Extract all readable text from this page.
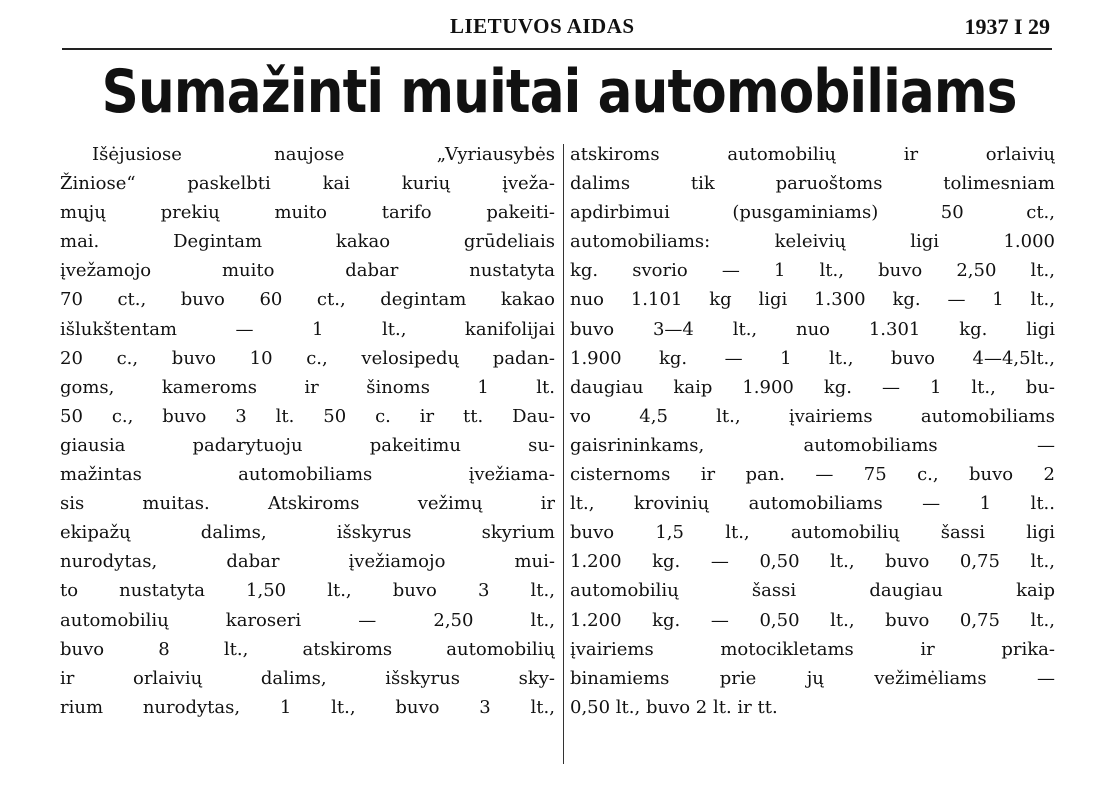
LIETUVOS AIDAS	1937 I 29
Sumažinti muitai automobiliams
Išėjusiose naujose „Vyriausybės
Žiniose“ paskelbti kai kurių įveža-
mųjų prekių muito tarifo pakeiti-
mai. Degintam kakao grūdeliais
įvežamojo muito dabar nustatyta
70 ct., buvo 60 ct., degintam kakao
išlukštentam — 1 lt., kanifolijai
20 c., buvo 10 c., velosipedų padan-
goms, kameroms ir šinoms 1 lt.
50 c., buvo 3 lt. 50 c. ir tt. Dau-
giausia padarytuoju pakeitimu su-
mažintas automobiliams įvežiama-
sis muitas. Atskiroms vežimų ir
ekipažų dalims, išskyrus skyrium
nurodytas, dabar įvežiamojo mui-
to nustatyta 1,50 lt., buvo 3 lt.,
automobilių karoseri — 2,50 lt.,
buvo 8 lt., atskiroms automobilių
ir orlaivių dalims, išskyrus sky-
rium nurodytas, 1 lt., buvo 3 lt.,
atskiroms automobilių ir orlaivių
dalims tik paruoštoms tolimesniam
apdirbimui (pusgaminiams) 50 ct.,
automobiliams: keleivių ligi 1.000
kg. svorio — 1 lt., buvo 2,50 lt.,
nuo 1.101 kg ligi 1.300 kg. — 1 lt.,
buvo 3—4 lt., nuo 1.301 kg. ligi
1.900 kg. — 1 lt., buvo 4—4,5lt.,
daugiau kaip 1.900 kg. — 1 lt., bu-
vo 4,5 lt., įvairiems automobiliams
gaisrininkams, automobiliams —
cisternoms ir pan. — 75 c., buvo 2
lt., krovinių automobiliams — 1 lt..
buvo 1,5 lt., automobilių šassi ligi
1.200 kg. — 0,50 lt., buvo 0,75 lt.,
automobilių šassi daugiau kaip
1.200 kg. — 0,50 lt., buvo 0,75 lt.,
įvairiems motocikletams ir prika-
binamiems prie jų vežimėliams —
0,50 lt., buvo 2 lt. ir tt.
